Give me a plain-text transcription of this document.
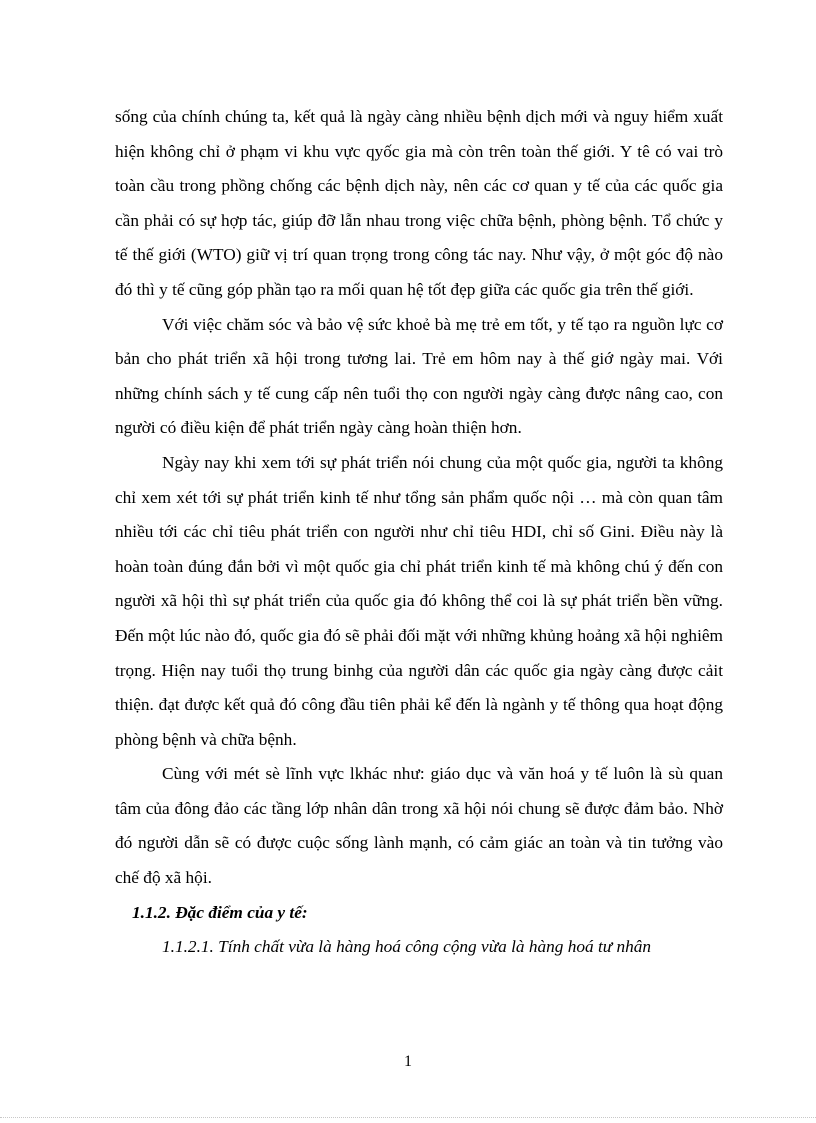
sống của chính chúng ta, kết quả là ngày càng nhiều bệnh dịch mới và nguy hiểm xuất hiện không chỉ ở phạm vi khu vực qyốc gia mà còn trên toàn thế giới. Y tê có vai trò toàn cầu trong phồng chống các bệnh dịch này, nên các cơ quan y tế của các quốc gia cần phải có sự hợp tác, giúp đỡ lẫn nhau trong việc chữa bệnh, phòng bệnh. Tổ chức y tế thế giới (WTO) giữ vị trí quan trọng trong công tác nay. Như vậy, ở một góc độ nào đó thì y tế cũng góp phần tạo ra mối quan hệ tốt đẹp giữa các quốc gia trên thế giới.

Với việc chăm sóc và bảo vệ sức khoẻ bà mẹ trẻ em tốt, y tế tạo ra nguồn lực cơ bản cho phát triển xã hội trong tương lai. Trẻ em hôm nay à thế giớ ngày mai. Với những chính sách y tế cung cấp nên tuổi thọ con người ngày càng được nâng cao, con người có điều kiện để phát triển ngày càng hoàn thiện hơn.

Ngày nay khi xem tới sự phát triển nói chung của một quốc gia, người ta không chỉ xem xét tới sự phát triển kinh tế như tổng sản phẩm quốc nội … mà còn quan tâm nhiều tới các chỉ tiêu phát triển con người như chỉ tiêu HDI, chỉ số Gini. Điều này là hoàn toàn đúng đắn bởi vì một quốc gia chỉ phát triển kinh tế mà không chú ý đến con người xã hội thì sự phát triển của quốc gia đó không thể coi là sự phát triển bền vững. Đến một lúc nào đó, quốc gia đó sẽ phải đối mặt với những khủng hoảng xã hội nghiêm trọng. Hiện nay tuổi thọ trung binhg của người dân các quốc gia ngày càng được cảit thiện. đạt được kết quả đó công đầu tiên phải kể đến là ngành y tế thông qua hoạt động phòng bệnh và chữa bệnh.

Cùng với mét sè lĩnh vực lkhác như: giáo dục và văn hoá y tế luôn là sù quan tâm của đông đảo các tầng lớp nhân dân trong xã hội nói chung sẽ được đảm bảo. Nhờ đó người dẫn sẽ có được cuộc sống lành mạnh, có cảm giác an toàn và tin tưởng vào chế độ xã hội.

1.1.2. Đặc điểm của y tế:

1.1.2.1. Tính chất vừa là hàng hoá công cộng vừa là hàng hoá tư nhân

1
